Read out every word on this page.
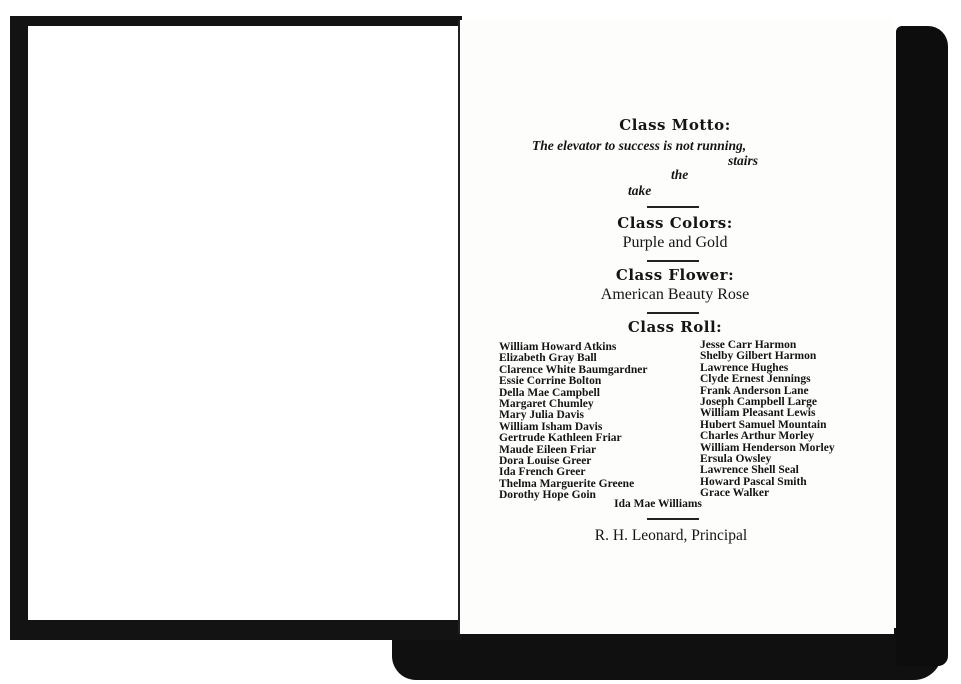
Class Motto:
The elevator to success is not running,
stairs
the
take
Class Colors:
Purple and Gold
Class Flower:
American Beauty Rose
Class Roll:
William Howard Atkins
Elizabeth Gray Ball
Clarence White Baumgardner
Essie Corrine Bolton
Della Mae Campbell
Margaret Chumley
Mary Julia Davis
William Isham Davis
Gertrude Kathleen Friar
Maude Eileen Friar
Dora Louise Greer
Ida French Greer
Thelma Marguerite Greene
Dorothy Hope Goin
Jesse Carr Harmon
Shelby Gilbert Harmon
Lawrence Hughes
Clyde Ernest Jennings
Frank Anderson Lane
Joseph Campbell Large
William Pleasant Lewis
Hubert Samuel Mountain
Charles Arthur Morley
William Henderson Morley
Ersula Owsley
Lawrence Shell Seal
Howard Pascal Smith
Grace Walker
Ida Mae Williams
R. H. Leonard, Principal
